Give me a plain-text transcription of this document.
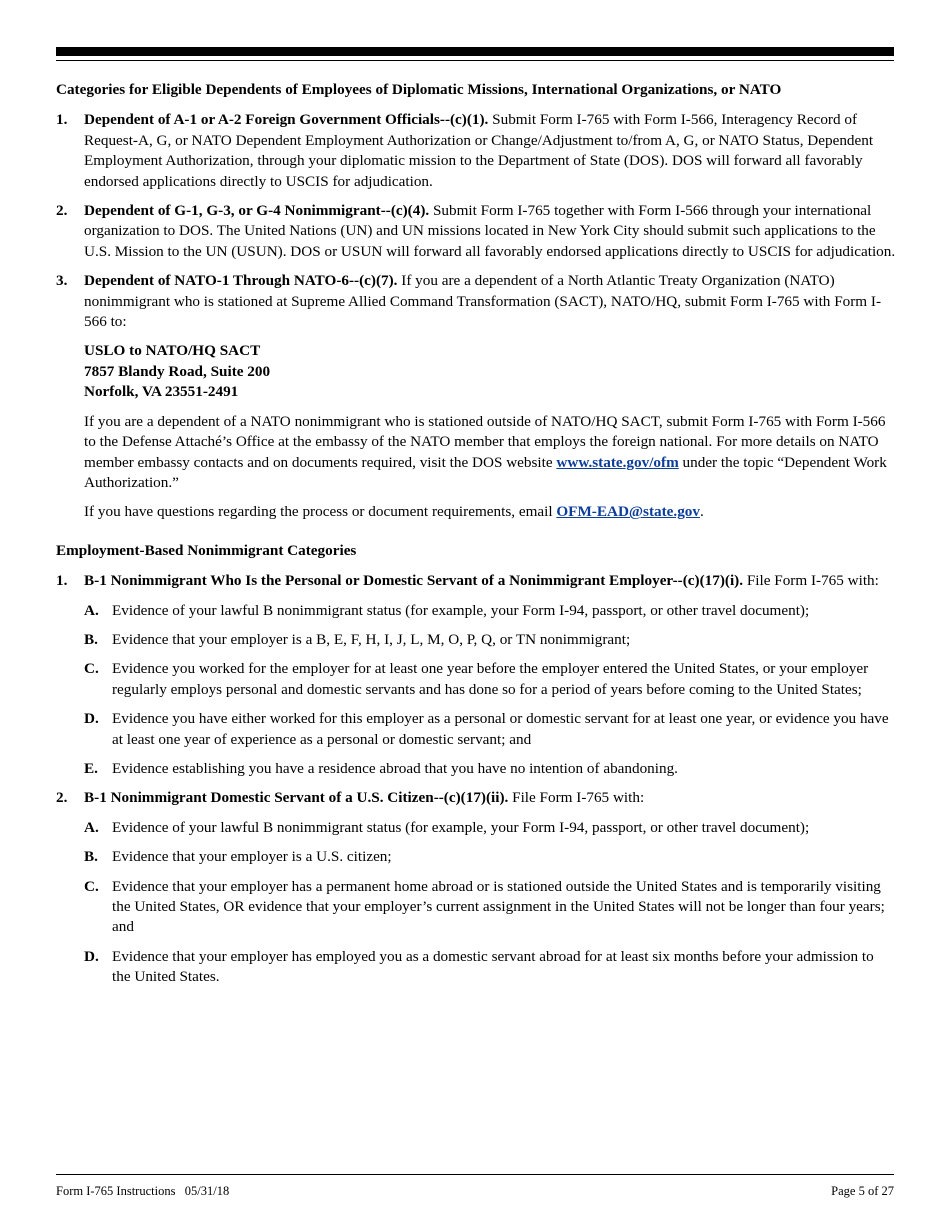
Categories for Eligible Dependents of Employees of Diplomatic Missions, International Organizations, or NATO
1. Dependent of A-1 or A-2 Foreign Government Officials--(c)(1). Submit Form I-765 with Form I-566, Interagency Record of Request-A, G, or NATO Dependent Employment Authorization or Change/Adjustment to/from A, G, or NATO Status, Dependent Employment Authorization, through your diplomatic mission to the Department of State (DOS). DOS will forward all favorably endorsed applications directly to USCIS for adjudication.
2. Dependent of G-1, G-3, or G-4 Nonimmigrant--(c)(4). Submit Form I-765 together with Form I-566 through your international organization to DOS. The United Nations (UN) and UN missions located in New York City should submit such applications to the U.S. Mission to the UN (USUN). DOS or USUN will forward all favorably endorsed applications directly to USCIS for adjudication.
3. Dependent of NATO-1 Through NATO-6--(c)(7). If you are a dependent of a North Atlantic Treaty Organization (NATO) nonimmigrant who is stationed at Supreme Allied Command Transformation (SACT), NATO/HQ, submit Form I-765 with Form I-566 to:
USLO to NATO/HQ SACT
7857 Blandy Road, Suite 200
Norfolk, VA 23551-2491
If you are a dependent of a NATO nonimmigrant who is stationed outside of NATO/HQ SACT, submit Form I-765 with Form I-566 to the Defense Attaché’s Office at the embassy of the NATO member that employs the foreign national. For more details on NATO member embassy contacts and on documents required, visit the DOS website www.state.gov/ofm under the topic “Dependent Work Authorization.”
If you have questions regarding the process or document requirements, email OFM-EAD@state.gov.
Employment-Based Nonimmigrant Categories
1. B-1 Nonimmigrant Who Is the Personal or Domestic Servant of a Nonimmigrant Employer--(c)(17)(i). File Form I-765 with:
A. Evidence of your lawful B nonimmigrant status (for example, your Form I-94, passport, or other travel document);
B. Evidence that your employer is a B, E, F, H, I, J, L, M, O, P, Q, or TN nonimmigrant;
C. Evidence you worked for the employer for at least one year before the employer entered the United States, or your employer regularly employs personal and domestic servants and has done so for a period of years before coming to the United States;
D. Evidence you have either worked for this employer as a personal or domestic servant for at least one year, or evidence you have at least one year of experience as a personal or domestic servant; and
E. Evidence establishing you have a residence abroad that you have no intention of abandoning.
2. B-1 Nonimmigrant Domestic Servant of a U.S. Citizen--(c)(17)(ii). File Form I-765 with:
A. Evidence of your lawful B nonimmigrant status (for example, your Form I-94, passport, or other travel document);
B. Evidence that your employer is a U.S. citizen;
C. Evidence that your employer has a permanent home abroad or is stationed outside the United States and is temporarily visiting the United States, OR evidence that your employer’s current assignment in the United States will not be longer than four years; and
D. Evidence that your employer has employed you as a domestic servant abroad for at least six months before your admission to the United States.
Form I-765 Instructions   05/31/18	Page 5 of 27
